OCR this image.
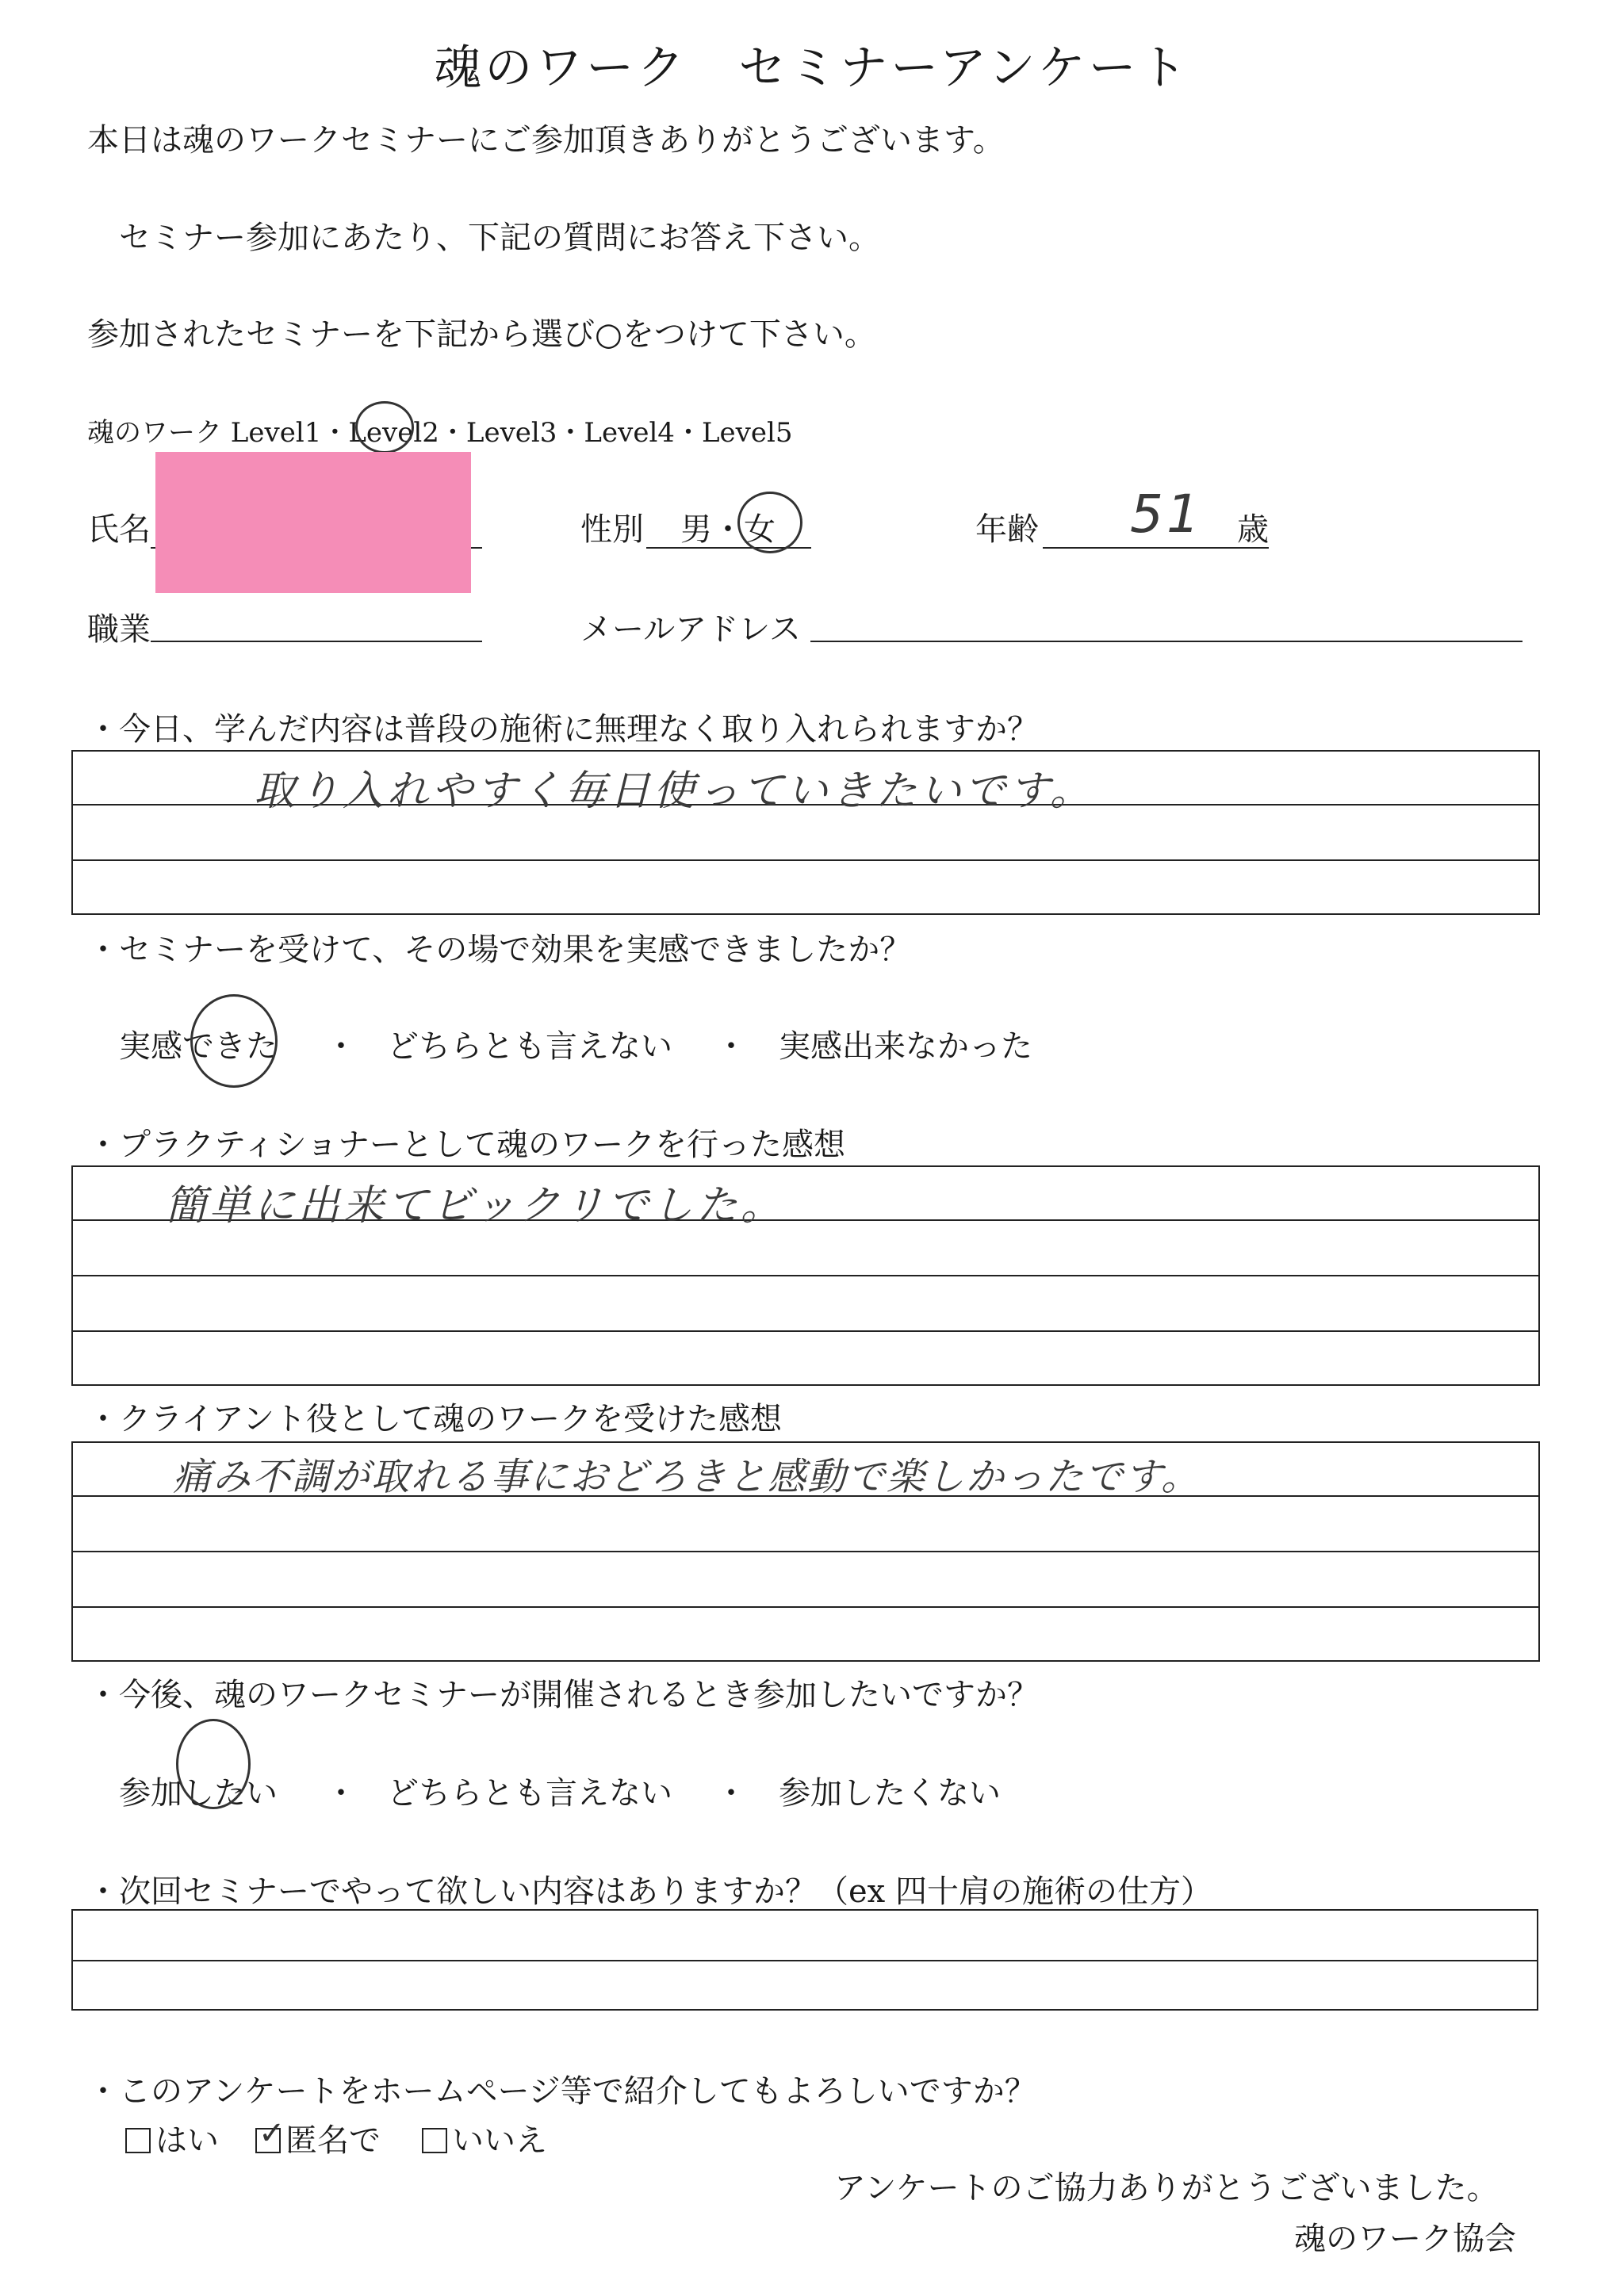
魂のワーク　セミナーアンケート
本日は魂のワークセミナーにご参加頂きありがとうございます。
セミナー参加にあたり、下記の質問にお答え下さい。
参加されたセミナーを下記から選び○をつけて下さい。
魂のワーク Level1・Level2・Level3・Level4・Level5
氏名	性別 男・女	年齢 51 歳
職業	メールアドレス
・今日、学んだ内容は普段の施術に無理なく取り入れられますか？
取り入れやすく毎日使っていきたいです。
・セミナーを受けて、その場で効果を実感できましたか？
実感できた ・ どちらとも言えない ・ 実感出来なかった
・プラクティショナーとして魂のワークを行った感想
簡単に出来てビックリでした。
・クライアント役として魂のワークを受けた感想
痛み不調が取れる事におどろきと感動で楽しかったです。
・今後、魂のワークセミナーが開催されるとき参加したいですか？
参加したい ・ どちらとも言えない ・ 参加したくない
・次回セミナーでやって欲しい内容はありますか？（ex 四十肩の施術の仕方）
・このアンケートをホームページ等で紹介してもよろしいですか？
はい ✓ 匿名で	いいえ
アンケートのご協力ありがとうございました。
魂のワーク協会
